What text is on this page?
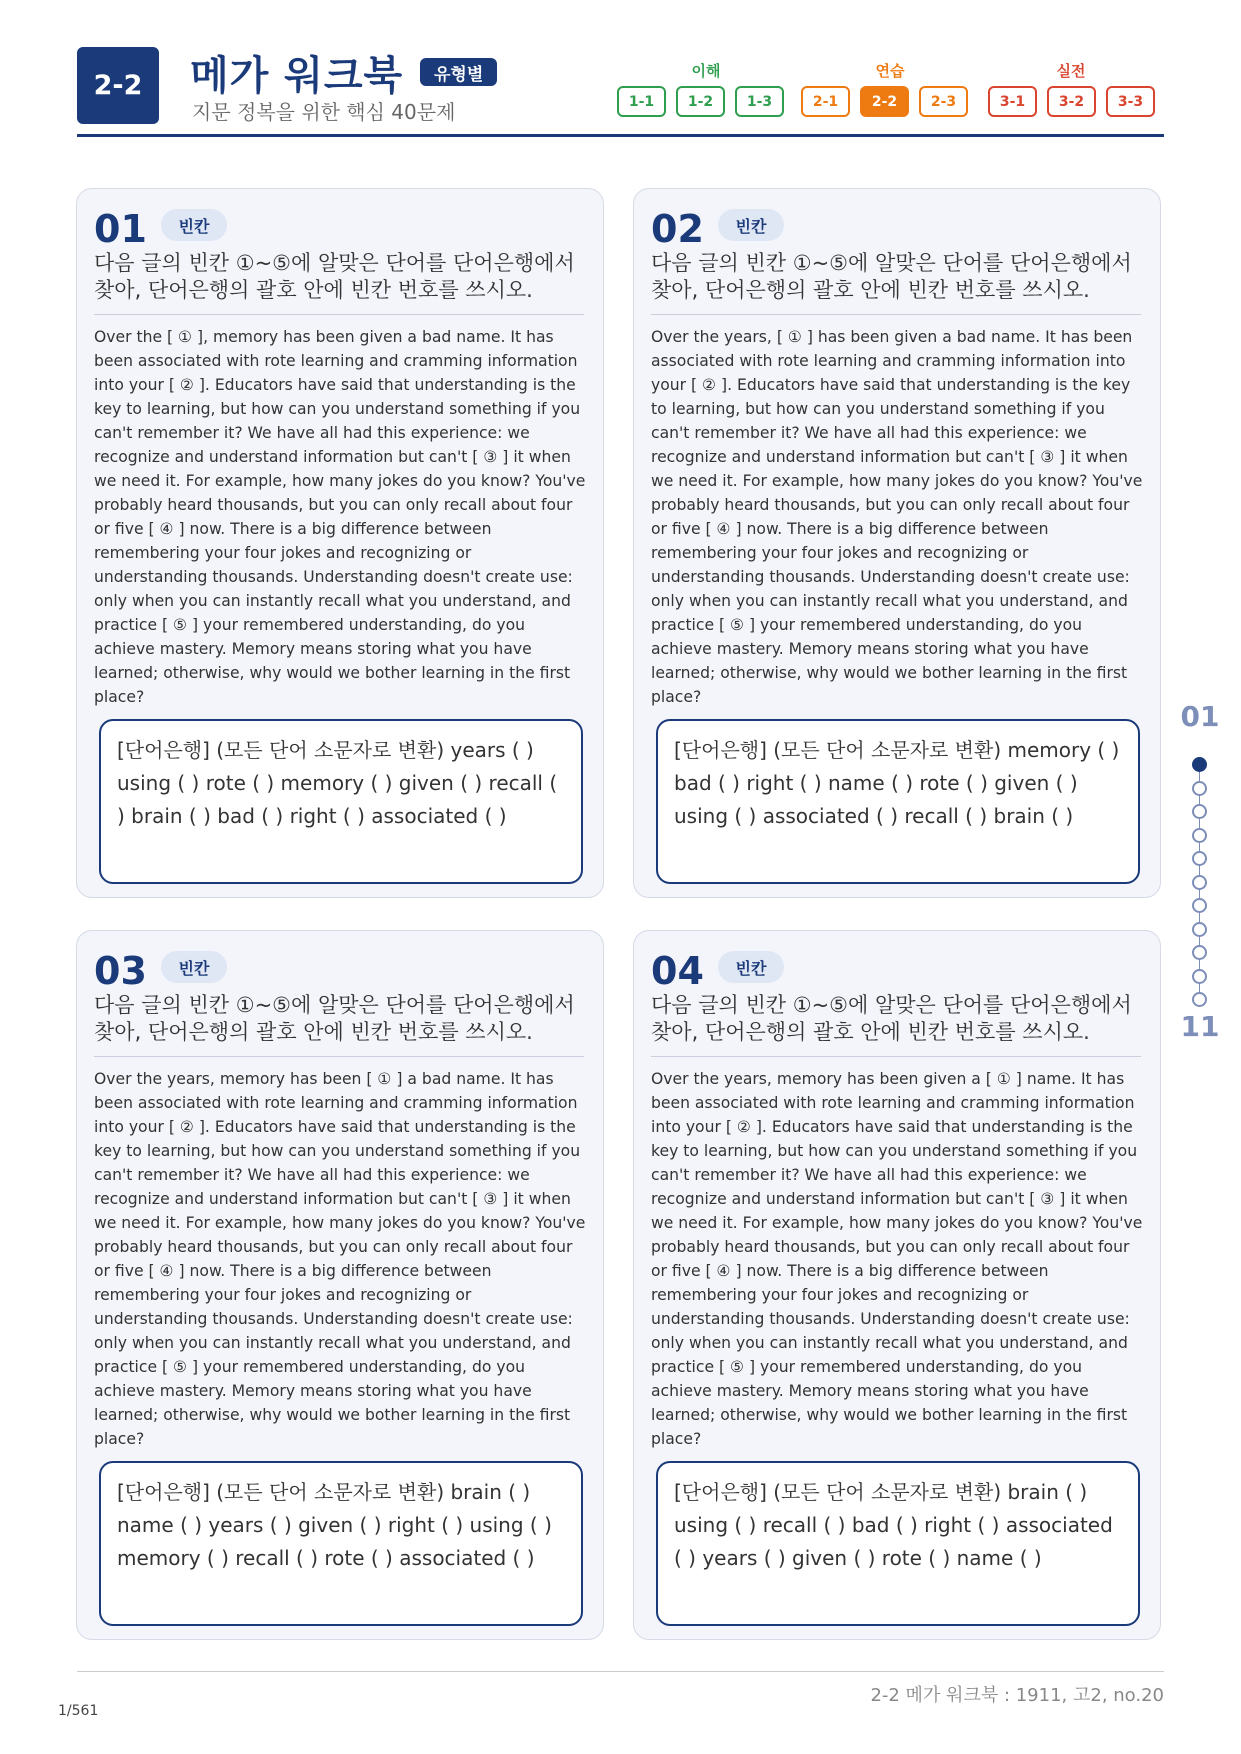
2-2	메가 워크북	유형별
지문 정복을 위한 핵심 40문제
이해
1-1	1-2	1-3
연습
2-1	2-2	2-3
실전
3-1	3-2	3-3
01	빈칸
다음 글의 빈칸 ①~⑤에 알맞은 단어를 단어은행에서 찾아, 단어은행의 괄호 안에 빈칸 번호를 쓰시오.
Over the [ ① ], memory has been given a bad name. It has been associated with rote learning and cramming information into your [ ② ]. Educators have said that understanding is the key to learning, but how can you understand something if you can't remember it? We have all had this experience: we recognize and understand information but can't [ ③ ] it when we need it. For example, how many jokes do you know? You've probably heard thousands, but you can only recall about four or five [ ④ ] now. There is a big difference between remembering your four jokes and recognizing or understanding thousands. Understanding doesn't create use: only when you can instantly recall what you understand, and practice [ ⑤ ] your remembered understanding, do you achieve mastery. Memory means storing what you have learned; otherwise, why would we bother learning in the first place?
[단어은행] (모든 단어 소문자로 변환) years ( ) using ( ) rote ( ) memory ( ) given ( ) recall ( ) brain ( ) bad ( ) right ( ) associated ( )
02	빈칸
다음 글의 빈칸 ①~⑤에 알맞은 단어를 단어은행에서 찾아, 단어은행의 괄호 안에 빈칸 번호를 쓰시오.
Over the years, [ ① ] has been given a bad name. It has been associated with rote learning and cramming information into your [ ② ]. Educators have said that understanding is the key to learning, but how can you understand something if you can't remember it? We have all had this experience: we recognize and understand information but can't [ ③ ] it when we need it. For example, how many jokes do you know? You've probably heard thousands, but you can only recall about four or five [ ④ ] now. There is a big difference between remembering your four jokes and recognizing or understanding thousands. Understanding doesn't create use: only when you can instantly recall what you understand, and practice [ ⑤ ] your remembered understanding, do you achieve mastery. Memory means storing what you have learned; otherwise, why would we bother learning in the first place?
[단어은행] (모든 단어 소문자로 변환) memory ( ) bad ( ) right ( ) name ( ) rote ( ) given ( ) using ( ) associated ( ) recall ( ) brain ( )
03	빈칸
다음 글의 빈칸 ①~⑤에 알맞은 단어를 단어은행에서 찾아, 단어은행의 괄호 안에 빈칸 번호를 쓰시오.
Over the years, memory has been [ ① ] a bad name. It has been associated with rote learning and cramming information into your [ ② ]. Educators have said that understanding is the key to learning, but how can you understand something if you can't remember it? We have all had this experience: we recognize and understand information but can't [ ③ ] it when we need it. For example, how many jokes do you know? You've probably heard thousands, but you can only recall about four or five [ ④ ] now. There is a big difference between remembering your four jokes and recognizing or understanding thousands. Understanding doesn't create use: only when you can instantly recall what you understand, and practice [ ⑤ ] your remembered understanding, do you achieve mastery. Memory means storing what you have learned; otherwise, why would we bother learning in the first place?
[단어은행] (모든 단어 소문자로 변환) brain ( ) name ( ) years ( ) given ( ) right ( ) using ( ) memory ( ) recall ( ) rote ( ) associated ( )
04	빈칸
다음 글의 빈칸 ①~⑤에 알맞은 단어를 단어은행에서 찾아, 단어은행의 괄호 안에 빈칸 번호를 쓰시오.
Over the years, memory has been given a [ ① ] name. It has been associated with rote learning and cramming information into your [ ② ]. Educators have said that understanding is the key to learning, but how can you understand something if you can't remember it? We have all had this experience: we recognize and understand information but can't [ ③ ] it when we need it. For example, how many jokes do you know? You've probably heard thousands, but you can only recall about four or five [ ④ ] now. There is a big difference between remembering your four jokes and recognizing or understanding thousands. Understanding doesn't create use: only when you can instantly recall what you understand, and practice [ ⑤ ] your remembered understanding, do you achieve mastery. Memory means storing what you have learned; otherwise, why would we bother learning in the first place?
[단어은행] (모든 단어 소문자로 변환) brain ( ) using ( ) recall ( ) bad ( ) right ( ) associated ( ) years ( ) given ( ) rote ( ) name ( )
01
11
2-2 메가 워크북 : 1911, 고2, no.20
1/561
